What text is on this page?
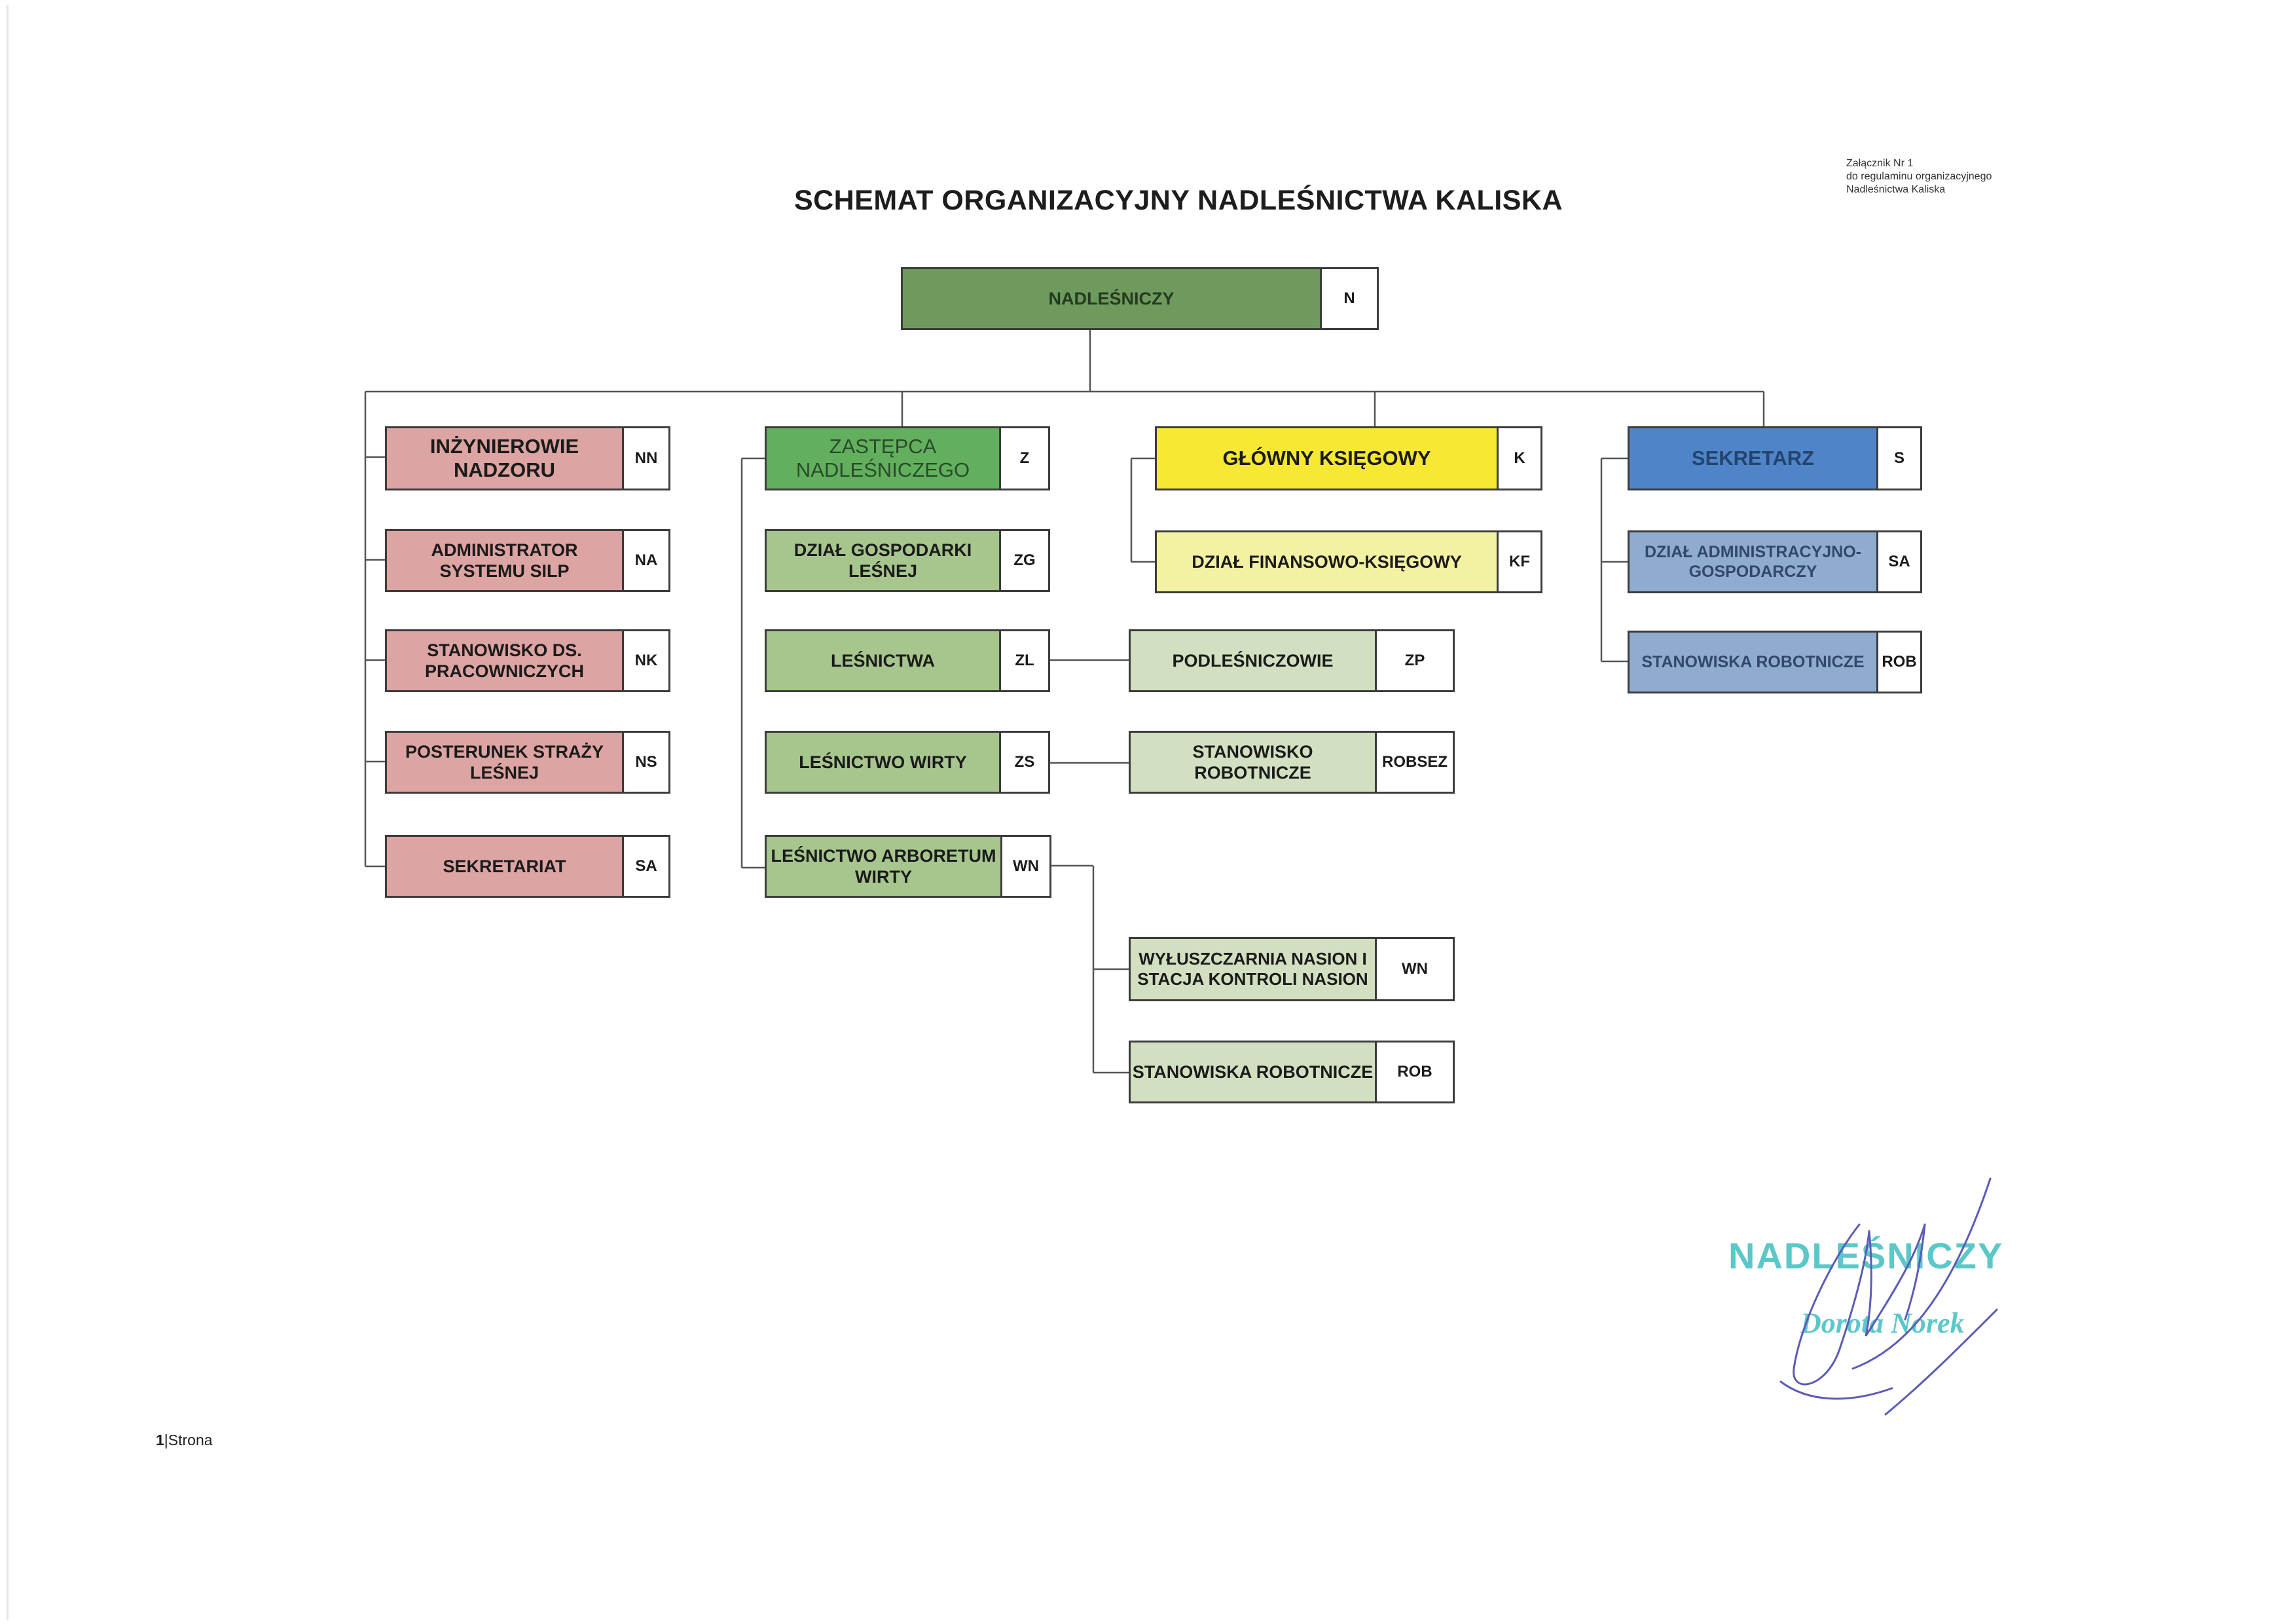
SCHEMAT ORGANIZACYJNY NADLEŚNICTWA KALISKA
Załącznik Nr 1
do regulaminu organizacyjnego
Nadleśnictwa Kaliska
NADLEŚNICZY	N
INŻYNIEROWIE NADZORU
NN
ADMINISTRATOR SYSTEMU SILP
NA
STANOWISKO DS. PRACOWNICZYCH
NK
POSTERUNEK STRAŻY LEŚNEJ
NS
SEKRETARIAT	SA
ZASTĘPCA NADLEŚNICZEGO
Z
DZIAŁ GOSPODARKI LEŚNEJ
ZG
LEŚNICTWA	ZL
LEŚNICTWO WIRTY	ZS
LEŚNICTWO ARBORETUM WIRTY
WN
PODLEŚNICZOWIE	ZP
STANOWISKO ROBOTNICZE
ROBSEZ
WYŁUSZCZARNIA NASION I STACJA KONTROLI NASION
WN
STANOWISKA ROBOTNICZE	ROB
GŁÓWNY KSIĘGOWY	K
DZIAŁ FINANSOWO-KSIĘGOWY	KF
SEKRETARZ	S
DZIAŁ ADMINISTRACYJNO-GOSPODARCZY
SA
STANOWISKA ROBOTNICZE	ROB
NADLEŚNICZY
Dorota Norek
1|Strona
